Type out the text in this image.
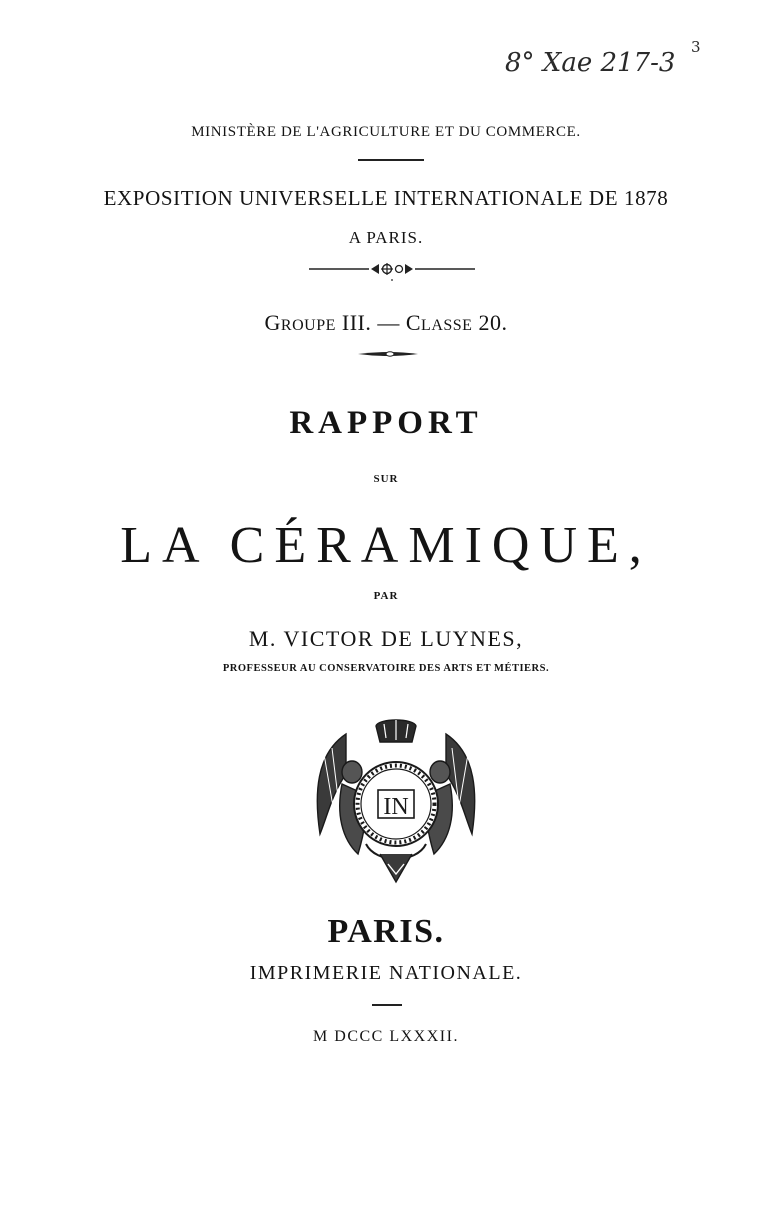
8° Xae 217-3
3
MINISTÈRE DE L'AGRICULTURE ET DU COMMERCE.
EXPOSITION UNIVERSELLE INTERNATIONALE DE 1878
A PARIS.
GROUPE III. — CLASSE 20.
RAPPORT
SUR
LA CÉRAMIQUE,
PAR
M. VICTOR DE LUYNES,
PROFESSEUR AU CONSERVATOIRE DES ARTS ET MÉTIERS.
IN
PARIS.
IMPRIMERIE NATIONALE.
M DCCC LXXXII.
